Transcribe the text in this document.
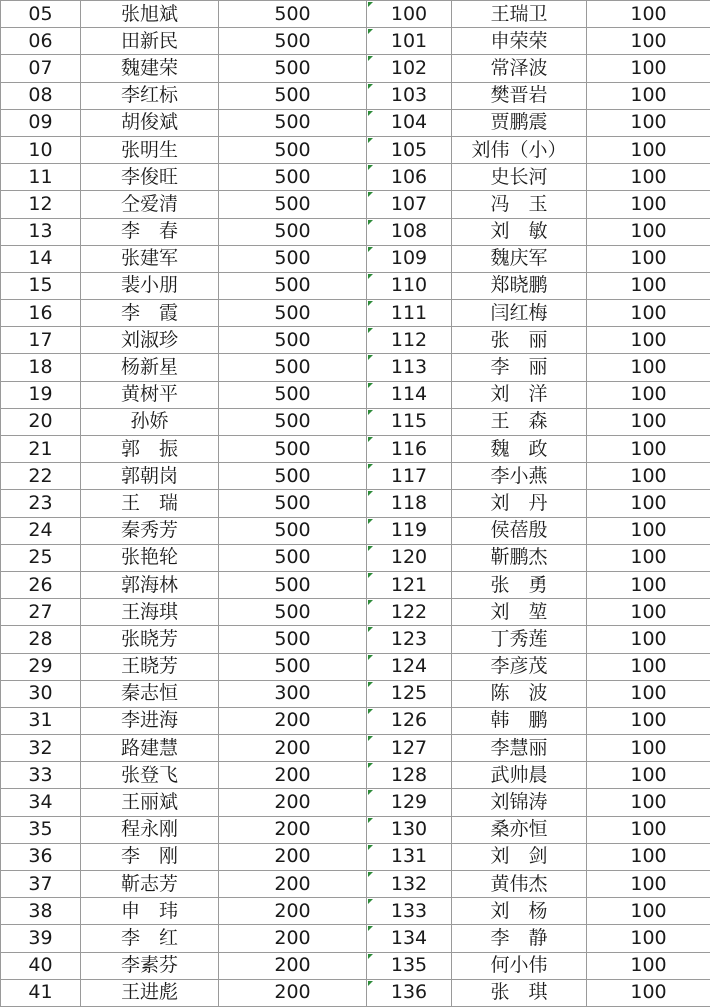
05	张旭斌	500	100	王瑞卫	100
06	田新民	500	101	申荣荣	100
07	魏建荣	500	102	常泽波	100
08	李红标	500	103	樊晋岩	100
09	胡俊斌	500	104	贾鹏震	100
10	张明生	500	105	刘伟（小）	100
11	李俊旺	500	106	史长河	100
12	仝爱清	500	107	冯　玉	100
13	李　春	500	108	刘　敏	100
14	张建军	500	109	魏庆军	100
15	裴小朋	500	110	郑晓鹏	100
16	李　霞	500	111	闫红梅	100
17	刘淑珍	500	112	张　丽	100
18	杨新星	500	113	李　丽	100
19	黄树平	500	114	刘　洋	100
20	孙娇	500	115	王　森	100
21	郭　振	500	116	魏　政	100
22	郭朝岗	500	117	李小燕	100
23	王　瑞	500	118	刘　丹	100
24	秦秀芳	500	119	侯蓓殷	100
25	张艳轮	500	120	靳鹏杰	100
26	郭海林	500	121	张　勇	100
27	王海琪	500	122	刘　堃	100
28	张晓芳	500	123	丁秀莲	100
29	王晓芳	500	124	李彦茂	100
30	秦志恒	300	125	陈　波	100
31	李进海	200	126	韩　鹏	100
32	路建慧	200	127	李慧丽	100
33	张登飞	200	128	武帅晨	100
34	王丽斌	200	129	刘锦涛	100
35	程永刚	200	130	桑亦恒	100
36	李　刚	200	131	刘　剑	100
37	靳志芳	200	132	黄伟杰	100
38	申　玮	200	133	刘　杨	100
39	李　红	200	134	李　静	100
40	李素芬	200	135	何小伟	100
41	王进彪	200	136	张　琪	100
